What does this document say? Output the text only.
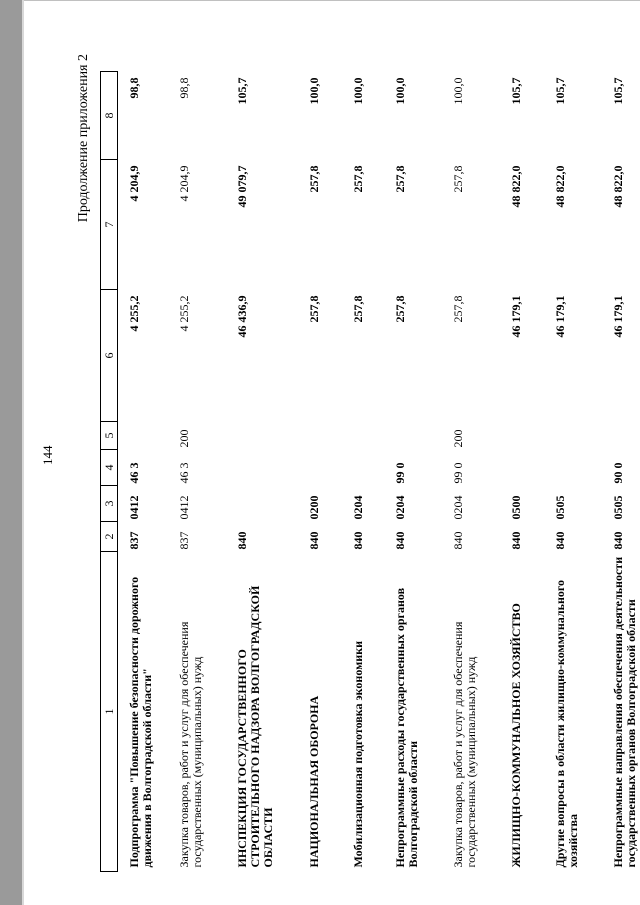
144
Продолжение приложения 2
1	2	3	4	5	6	7	8
Подпрограмма "Повышение безопасности дорожного движения в Волгоградской области"	837	0412	46 3		4 255,2	4 204,9	98,8
Закупка товаров, работ и услуг для обеспечения государственных (муниципальных) нужд	837	0412	46 3	200	4 255,2	4 204,9	98,8
ИНСПЕКЦИЯ ГОСУДАРСТВЕННОГО СТРОИТЕЛЬНОГО НАДЗОРА ВОЛГОГРАДСКОЙ ОБЛАСТИ	840				46 436,9	49 079,7	105,7
НАЦИОНАЛЬНАЯ ОБОРОНА	840	0200			257,8	257,8	100,0
Мобилизационная подготовка экономики	840	0204			257,8	257,8	100,0
Непрограммные расходы государственных органов Волгоградской области	840	0204	99 0		257,8	257,8	100,0
Закупка товаров, работ и услуг для обеспечения государственных (муниципальных) нужд	840	0204	99 0	200	257,8	257,8	100,0
ЖИЛИЩНО-КОММУНАЛЬНОЕ ХОЗЯЙСТВО	840	0500			46 179,1	48 822,0	105,7
Другие вопросы в области жилищно-коммунального хозяйства	840	0505			46 179,1	48 822,0	105,7
Непрограммные направления обеспечения деятельности государственных органов Волгоградской области	840	0505	90 0		46 179,1	48 822,0	105,7
